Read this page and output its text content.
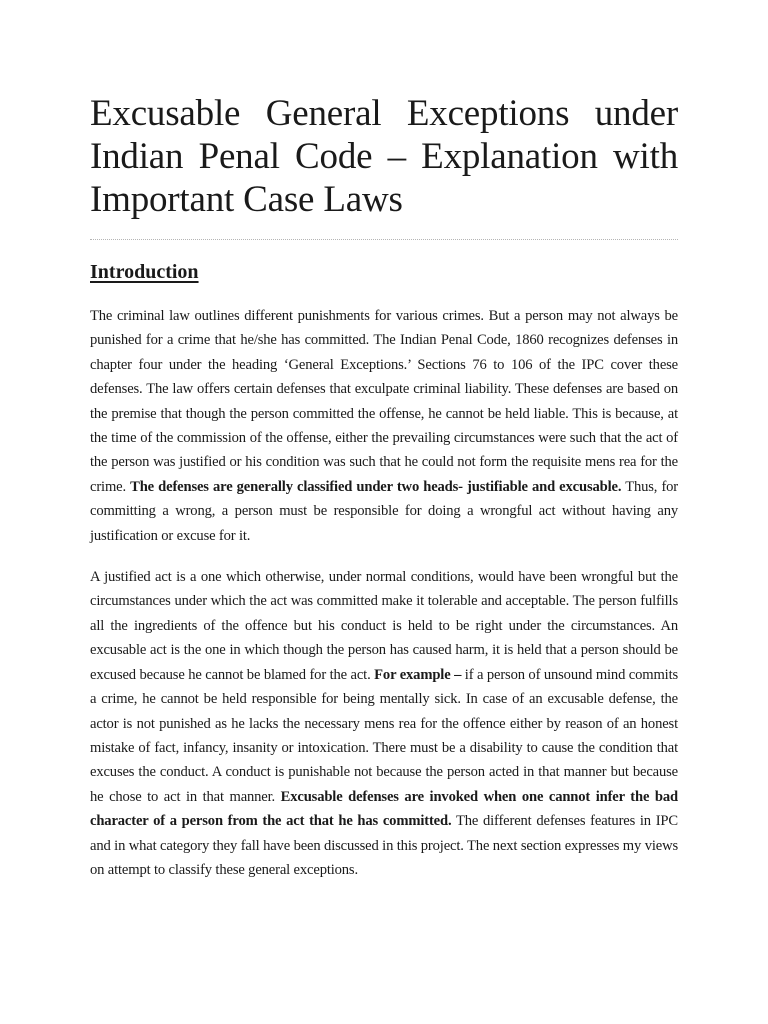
Excusable General Exceptions under Indian Penal Code – Explanation with Important Case Laws
Introduction

The criminal law outlines different punishments for various crimes. But a person may not always be punished for a crime that he/she has committed. The Indian Penal Code, 1860 recognizes defenses in chapter four under the heading ‘General Exceptions.’ Sections 76 to 106 of the IPC cover these defenses. The law offers certain defenses that exculpate criminal liability. These defenses are based on the premise that though the person committed the offense, he cannot be held liable. This is because, at the time of the commission of the offense, either the prevailing circumstances were such that the act of the person was justified or his condition was such that he could not form the requisite mens rea for the crime. The defenses are generally classified under two heads- justifiable and excusable. Thus, for committing a wrong, a person must be responsible for doing a wrongful act without having any justification or excuse for it.

A justified act is a one which otherwise, under normal conditions, would have been wrongful but the circumstances under which the act was committed make it tolerable and acceptable. The person fulfills all the ingredients of the offence but his conduct is held to be right under the circumstances. An excusable act is the one in which though the person has caused harm, it is held that a person should be excused because he cannot be blamed for the act. For example – if a person of unsound mind commits a crime, he cannot be held responsible for being mentally sick. In case of an excusable defense, the actor is not punished as he lacks the necessary mens rea for the offence either by reason of an honest mistake of fact, infancy, insanity or intoxication. There must be a disability to cause the condition that excuses the conduct. A conduct is punishable not because the person acted in that manner but because he chose to act in that manner. Excusable defenses are invoked when one cannot infer the bad character of a person from the act that he has committed. The different defenses features in IPC and in what category they fall have been discussed in this project. The next section expresses my views on attempt to classify these general exceptions.
